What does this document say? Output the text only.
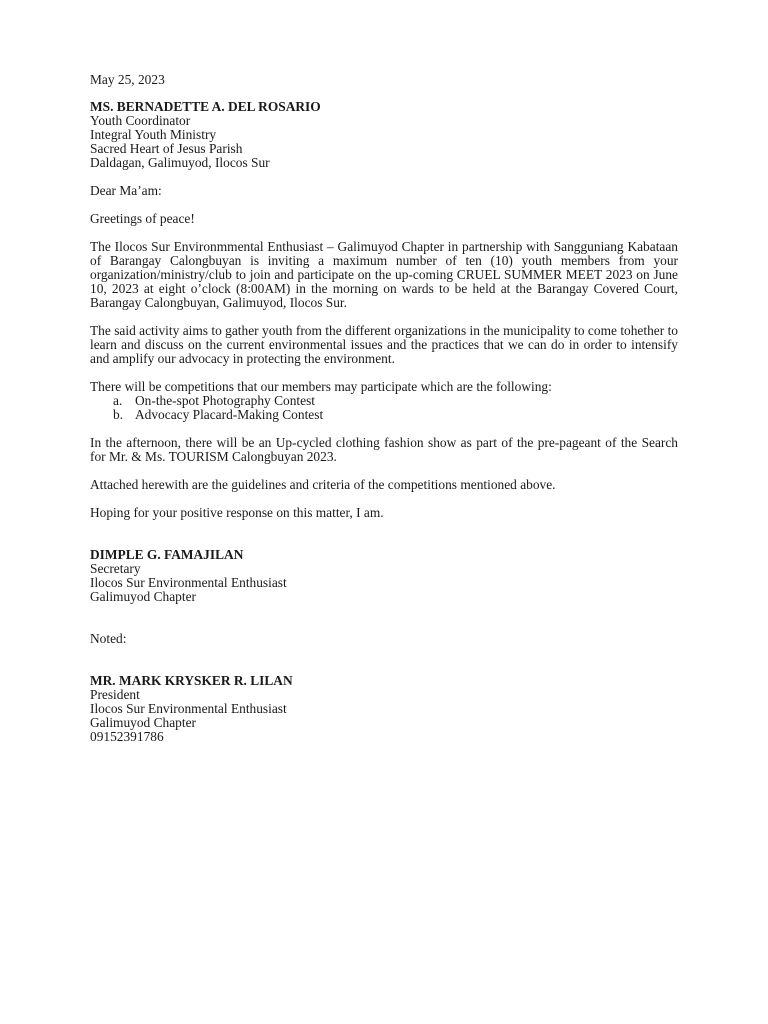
May 25, 2023
MS. BERNADETTE A. DEL ROSARIO
Youth Coordinator
Integral Youth Ministry
Sacred Heart of Jesus Parish
Daldagan, Galimuyod, Ilocos Sur
Dear Ma’am:
Greetings of peace!

The Ilocos Sur Environmmental Enthusiast – Galimuyod Chapter in partnership with Sangguniang Kabataan of Barangay Calongbuyan is inviting a maximum number of ten (10) youth members from your organization/ministry/club to join and participate on the up-coming CRUEL SUMMER MEET 2023 on June 10, 2023 at eight o’clock (8:00AM) in the morning on wards to be held at the Barangay Covered Court, Barangay Calongbuyan, Galimuyod, Ilocos Sur.

The said activity aims to gather youth from the different organizations in the municipality to come tohether to learn and discuss on the current environmental issues and the practices that we can do in order to intensify and amplify our advocacy in protecting the environment.

There will be competitions that our members may participate which are the following:

a. On-the-spot Photography Contest
b. Advocacy Placard-Making Contest

In the afternoon, there will be an Up-cycled clothing fashion show as part of the pre-pageant of the Search for Mr. & Ms. TOURISM Calongbuyan 2023.

Attached herewith are the guidelines and criteria of the competitions mentioned above.

Hoping for your positive response on this matter, I am.

DIMPLE G. FAMAJILAN
Secretary
Ilocos Sur Environmental Enthusiast
Galimuyod Chapter
Noted:
MR. MARK KRYSKER R. LILAN
President
Ilocos Sur Environmental Enthusiast
Galimuyod Chapter
09152391786
